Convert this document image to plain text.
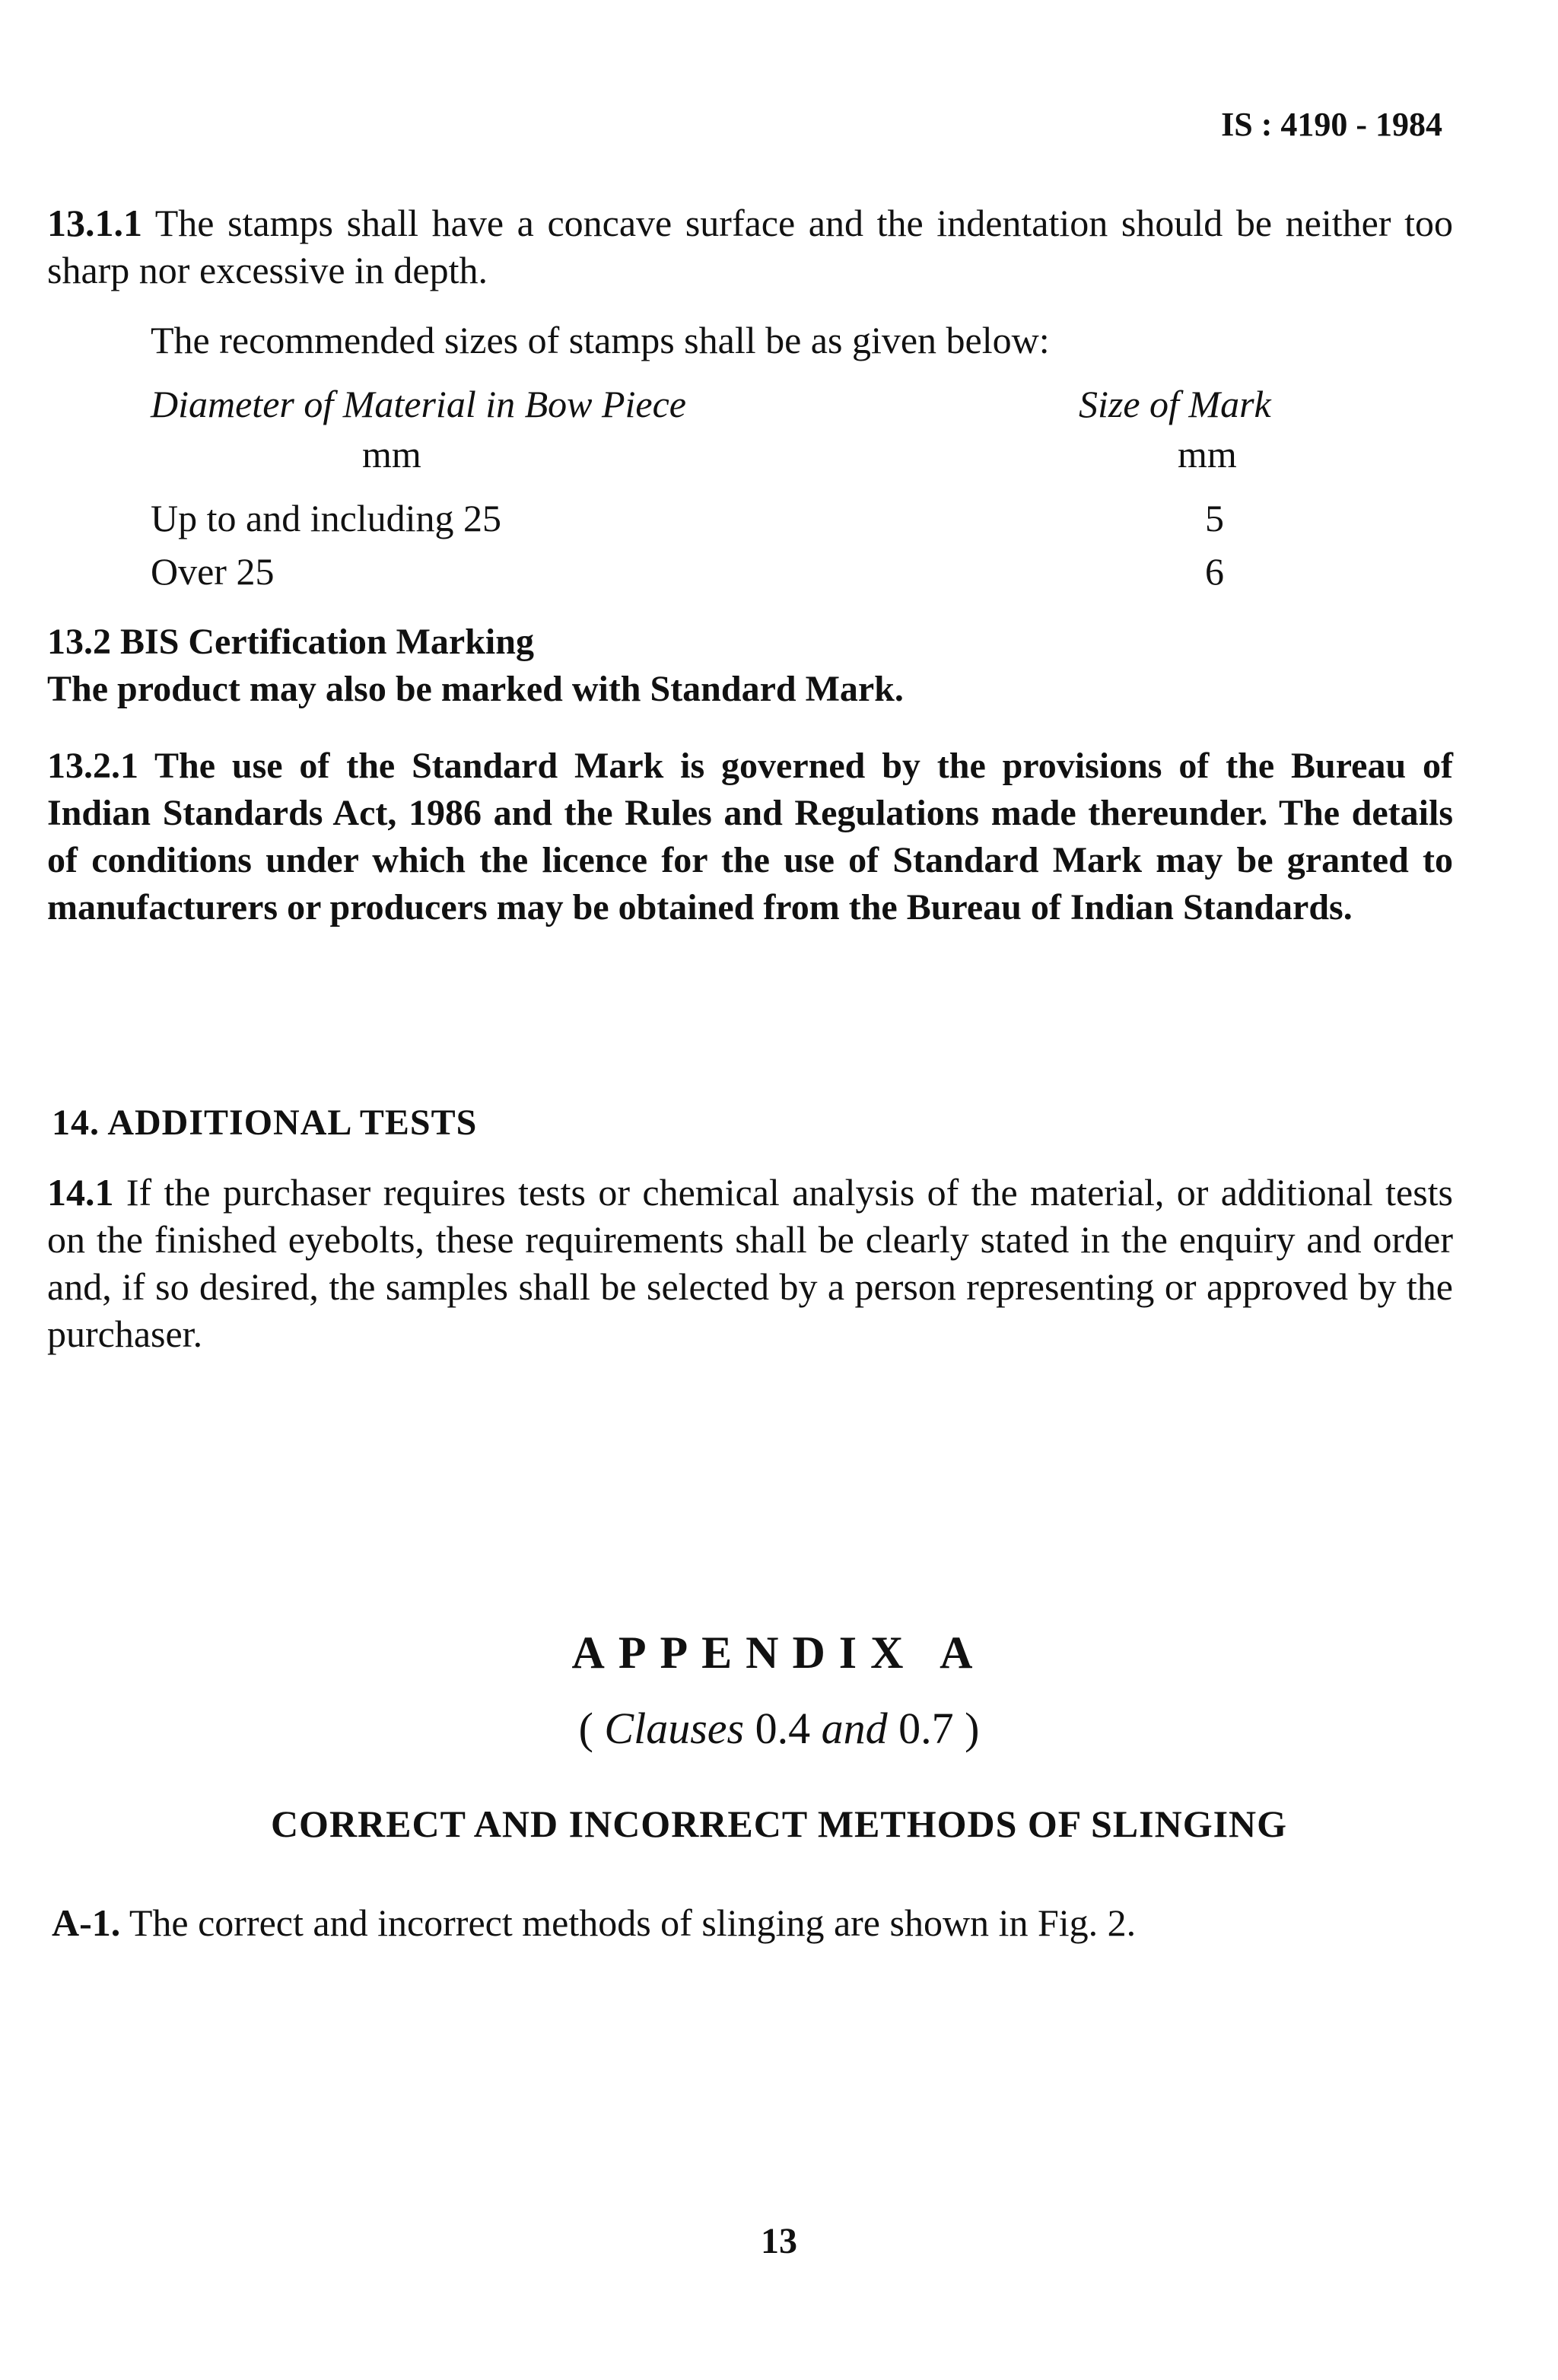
IS : 4190 - 1984
13.1.1 The stamps shall have a concave surface and the indentation should be neither too sharp nor excessive in depth.
The recommended sizes of stamps shall be as given below:
Diameter of Material in Bow Piece	Size of Mark
mm	mm
Up to and including 25	5
Over 25	6
13.2 BIS Certification Marking
The product may also be marked with Standard Mark.
13.2.1 The use of the Standard Mark is governed by the provisions of the Bureau of Indian Standards Act, 1986 and the Rules and Regulations made thereunder. The details of conditions under which the licence for the use of Standard Mark may be granted to manufacturers or producers may be obtained from the Bureau of Indian Standards.
14. ADDITIONAL TESTS
14.1 If the purchaser requires tests or chemical analysis of the material, or additional tests on the finished eyebolts, these requirements shall be clearly stated in the enquiry and order and, if so desired, the samples shall be selected by a person representing or approved by the purchaser.
APPENDIX A
( Clauses 0.4 and 0.7 )
CORRECT AND INCORRECT METHODS OF SLINGING
A-1. The correct and incorrect methods of slinging are shown in Fig. 2.
13
